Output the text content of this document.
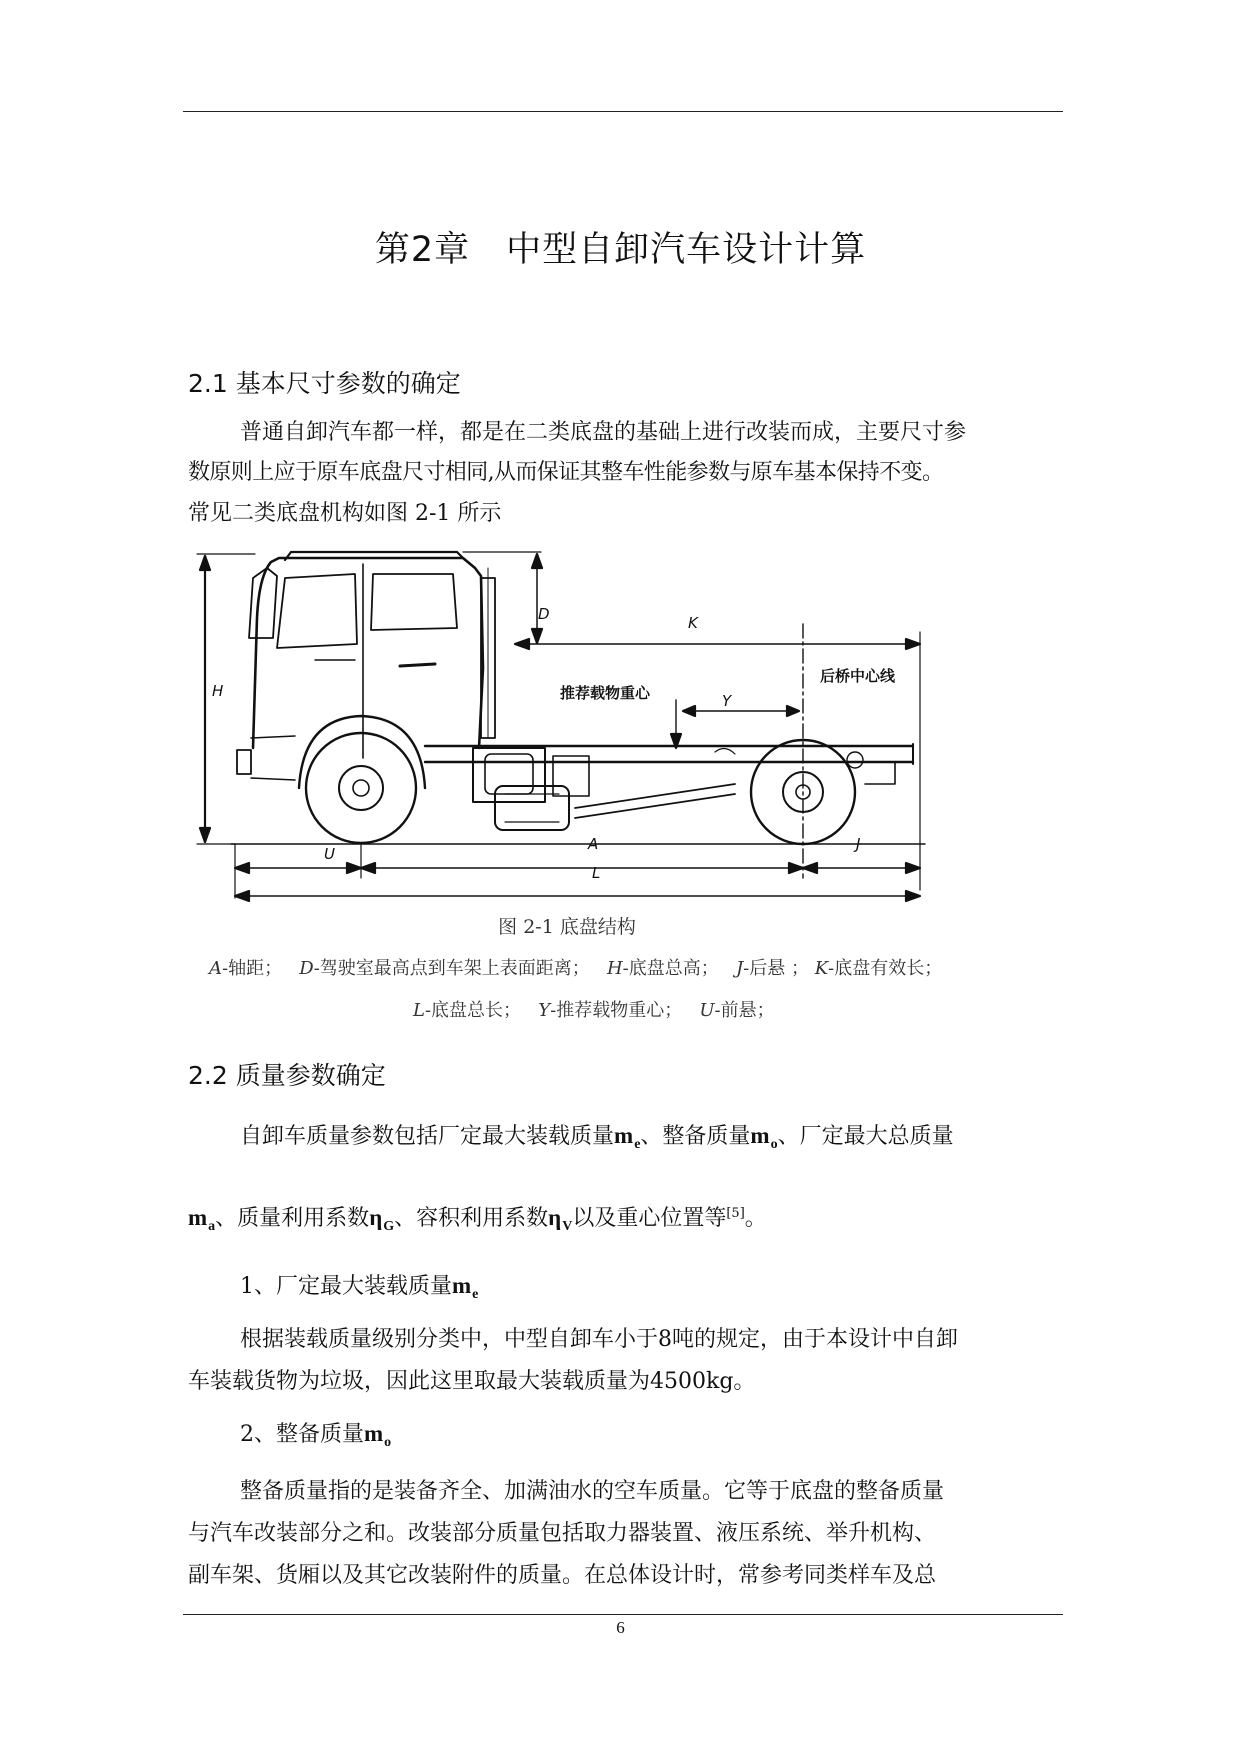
第2章　中型自卸汽车设计计算
2.1 基本尺寸参数的确定
普通自卸汽车都一样，都是在二类底盘的基础上进行改装而成，主要尺寸参
数原则上应于原车底盘尺寸相同,从而保证其整车性能参数与原车基本保持不变。
常见二类底盘机构如图 2-1 所示
D	K
H	推荐载物重心
后桥中心线
Y
U
A	J
L
图 2-1 底盘结构
A-轴距； D-驾驶室最高点到车架上表面距离； H-底盘总高； J-后悬 ； K-底盘有效长；
L-底盘总长； Y-推荐载物重心； U-前悬；
2.2 质量参数确定
自卸车质量参数包括厂定最大装载质量$m_e$、整备质量$m_o$、厂定最大总质量
$m_a$、质量利用系数$\eta_G$、容积利用系数$\eta_V$以及重心位置等[5]。
1、厂定最大装载质量$m_e$
根据装载质量级别分类中，中型自卸车小于8吨的规定，由于本设计中自卸
车装载货物为垃圾，因此这里取最大装载质量为4500kg。
2、整备质量$m_o$
整备质量指的是装备齐全、加满油水的空车质量。它等于底盘的整备质量
与汽车改装部分之和。改装部分质量包括取力器装置、液压系统、举升机构、
副车架、货厢以及其它改装附件的质量。在总体设计时，常参考同类样车及总
6
